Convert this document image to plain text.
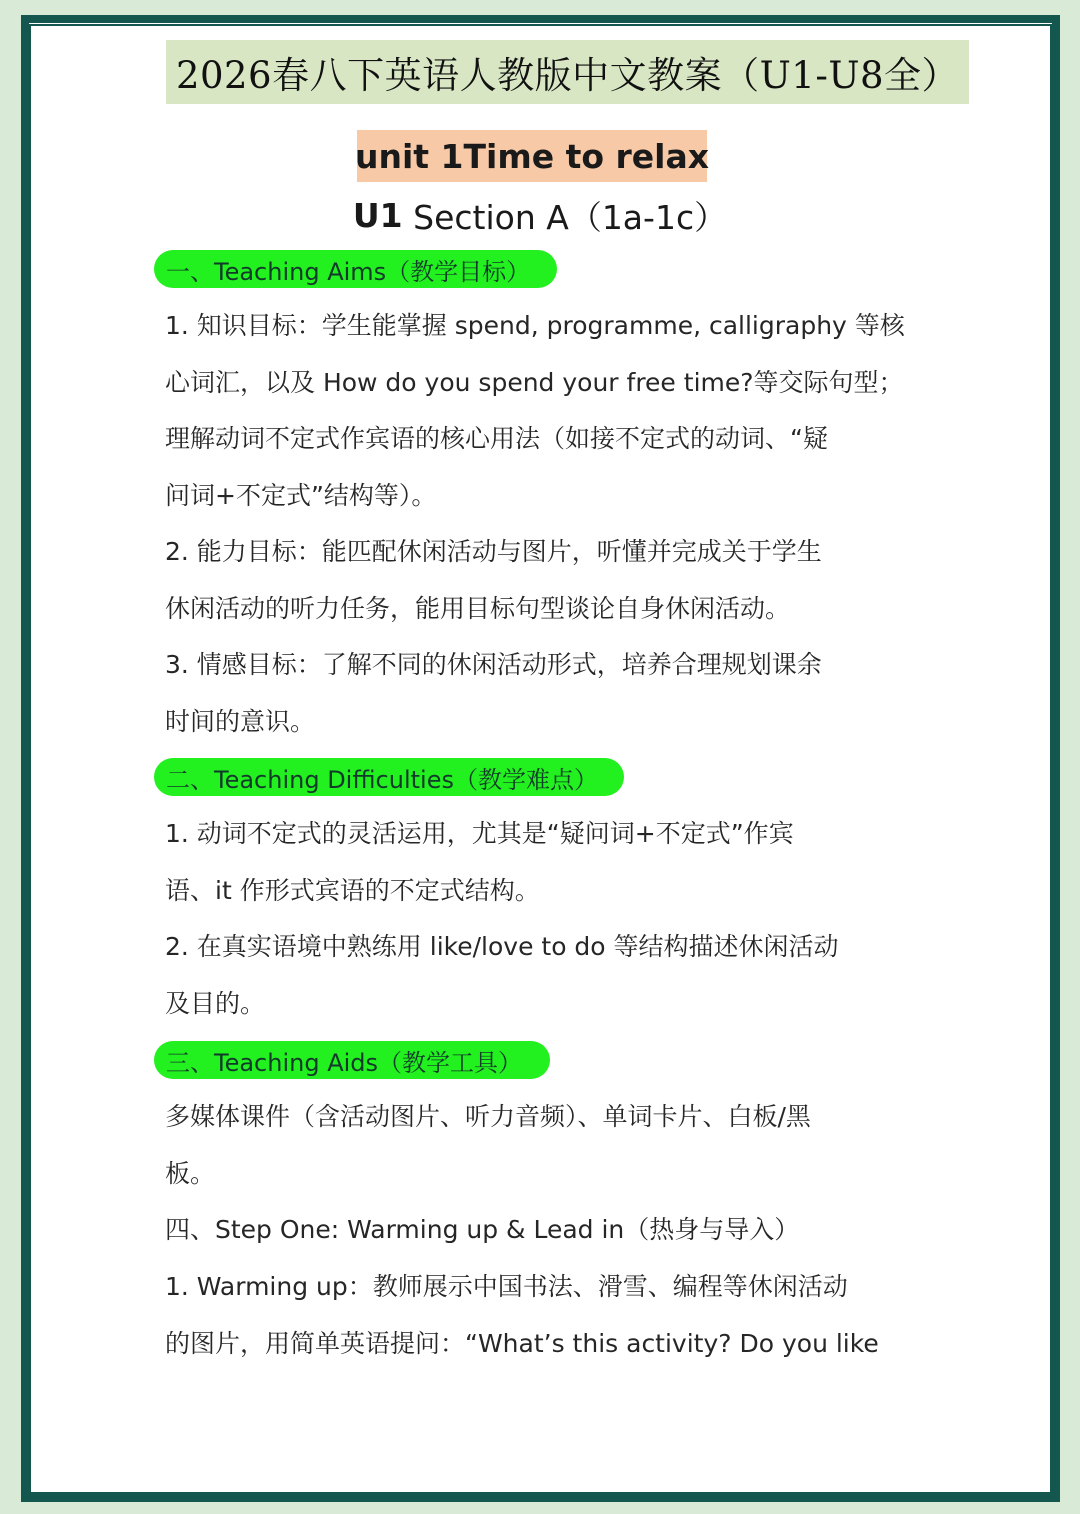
2026春八下英语人教版中文教案（U1-U8全）
unit 1Time to relax
U1 Section A（1a-1c）
一、Teaching Aims（教学目标）
1. 知识目标：学生能掌握 spend, programme, calligraphy 等核
心词汇，以及 How do you spend your free time?等交际句型；
理解动词不定式作宾语的核心用法（如接不定式的动词、“疑
问词+不定式”结构等）。
2. 能力目标：能匹配休闲活动与图片，听懂并完成关于学生
休闲活动的听力任务，能用目标句型谈论自身休闲活动。
3. 情感目标：了解不同的休闲活动形式，培养合理规划课余
时间的意识。
二、Teaching Difficulties（教学难点）
1. 动词不定式的灵活运用，尤其是“疑问词+不定式”作宾
语、it 作形式宾语的不定式结构。
2. 在真实语境中熟练用 like/love to do 等结构描述休闲活动
及目的。
三、Teaching Aids（教学工具）
多媒体课件（含活动图片、听力音频）、单词卡片、白板/黑
板。
四、Step One: Warming up & Lead in（热身与导入）
1. Warming up：教师展示中国书法、滑雪、编程等休闲活动
的图片，用简单英语提问：“What’s this activity? Do you like
